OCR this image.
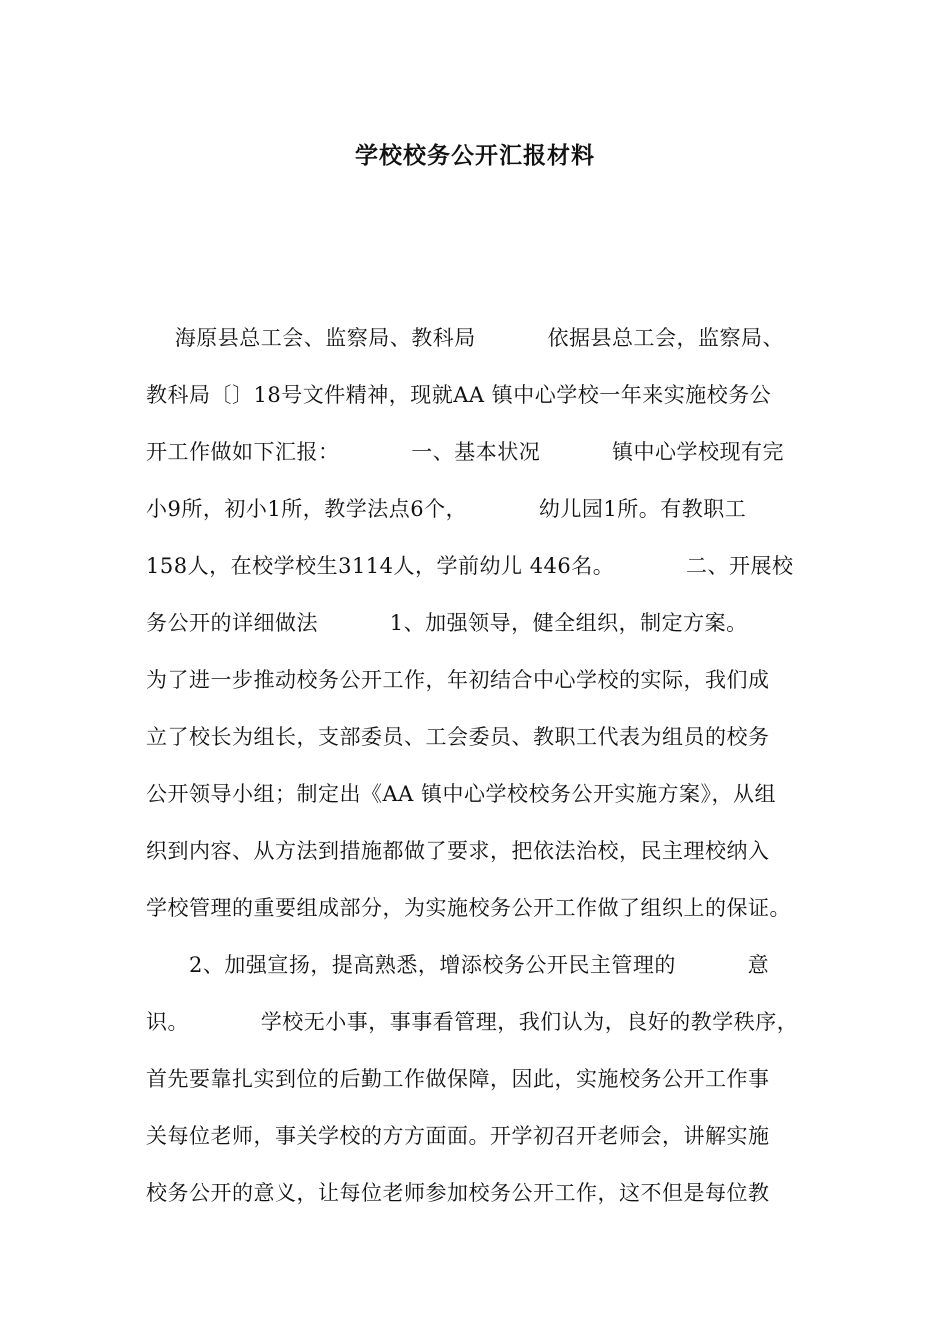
学校校务公开汇报材料
海原县总工会、监察局、教科局          依据县总工会，监察局、
教科局〔〕18号文件精神，现就AA 镇中心学校一年来实施校务公
开工作做如下汇报：          一、基本状况          镇中心学校现有完
小9所，初小1所，教学法点6个，          幼儿园1所。有教职工
158人，在校学校生3114人，学前幼儿 446名。          二、开展校
务公开的详细做法          1、加强领导，健全组织，制定方案。
为了进一步推动校务公开工作，年初结合中心学校的实际，我们成
立了校长为组长，支部委员、工会委员、教职工代表为组员的校务
公开领导小组；制定出《AA 镇中心学校校务公开实施方案》，从组
织到内容、从方法到措施都做了要求，把依法治校，民主理校纳入
学校管理的重要组成部分，为实施校务公开工作做了组织上的保证。
2、加强宣扬，提高熟悉，增添校务公开民主管理的          意
识。          学校无小事，事事看管理，我们认为，良好的教学秩序，
首先要靠扎实到位的后勤工作做保障，因此，实施校务公开工作事
关每位老师，事关学校的方方面面。开学初召开老师会，讲解实施
校务公开的意义，让每位老师参加校务公开工作，这不但是每位教
